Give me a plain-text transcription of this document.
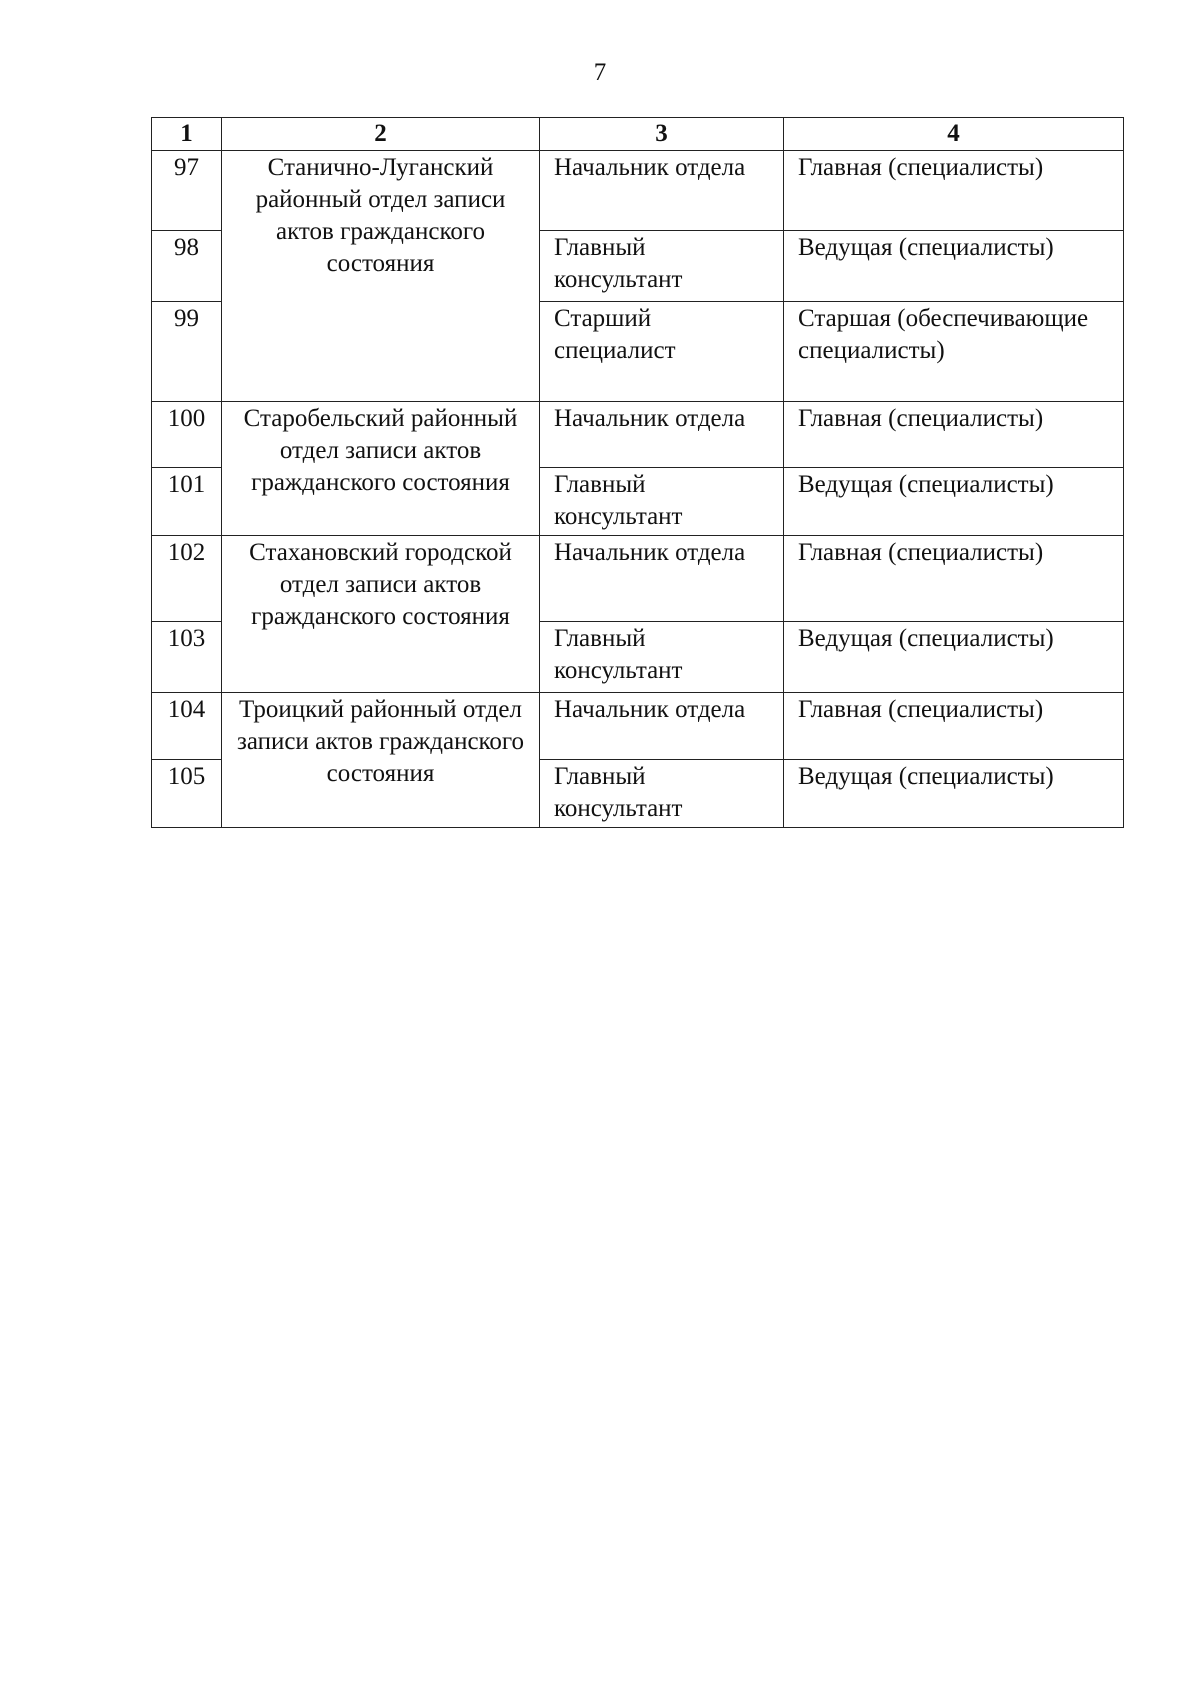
7
1	2	3	4
97	Станично-Луганский районный отдел записи актов гражданского состояния	Начальник отдела	Главная (специалисты)
98		Главный консультант	Ведущая (специалисты)
99		Старший специалист	Старшая (обеспечивающие специалисты)
100	Старобельский районный отдел записи актов гражданского состояния	Начальник отдела	Главная (специалисты)
101		Главный консультант	Ведущая (специалисты)
102	Стахановский городской отдел записи актов гражданского состояния	Начальник отдела	Главная (специалисты)
103		Главный консультант	Ведущая (специалисты)
104	Троицкий районный отдел записи актов гражданского состояния	Начальник отдела	Главная (специалисты)
105		Главный консультант	Ведущая (специалисты)
